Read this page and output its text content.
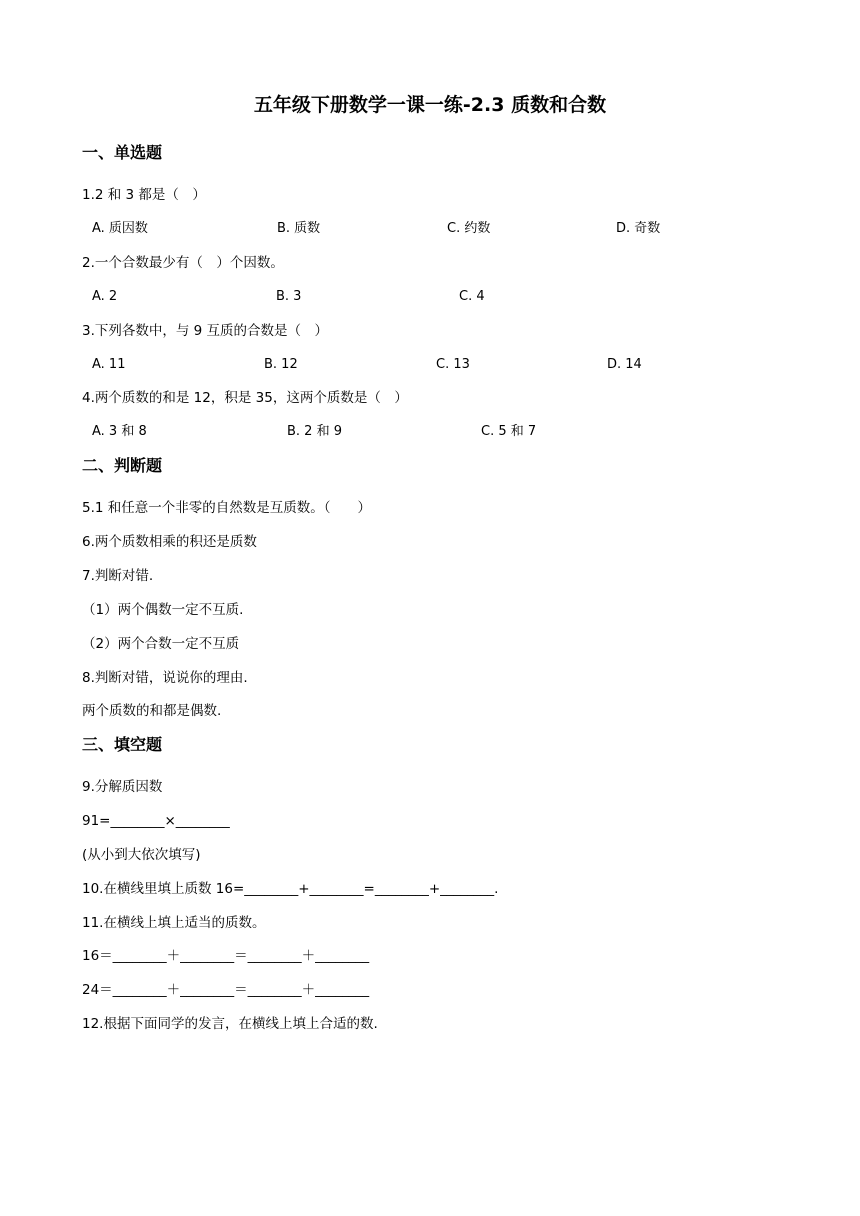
五年级下册数学一课一练-2.3 质数和合数
一、单选题
1.2 和 3 都是（　）
A. 质因数	B. 质数	C. 约数	D. 奇数
2.一个合数最少有（　）个因数。
A. 2	B. 3	C. 4
3.下列各数中，与 9 互质的合数是（　）
A. 11	B. 12	C. 13	D. 14
4.两个质数的和是 12，积是 35，这两个质数是（　）
A. 3 和 8	B. 2 和 9	C. 5 和 7
二、判断题
5.1 和任意一个非零的自然数是互质数。（　　）
6.两个质数相乘的积还是质数
7.判断对错.
（1）两个偶数一定不互质.
（2）两个合数一定不互质
8.判断对错，说说你的理由.
两个质数的和都是偶数.
三、填空题
9.分解质因数
91=________×________
(从小到大依次填写)
10.在横线里填上质数 16=________+________=________+________.
11.在横线上填上适当的质数。
16＝________＋________＝________＋________
24＝________＋________＝________＋________
12.根据下面同学的发言，在横线上填上合适的数.
